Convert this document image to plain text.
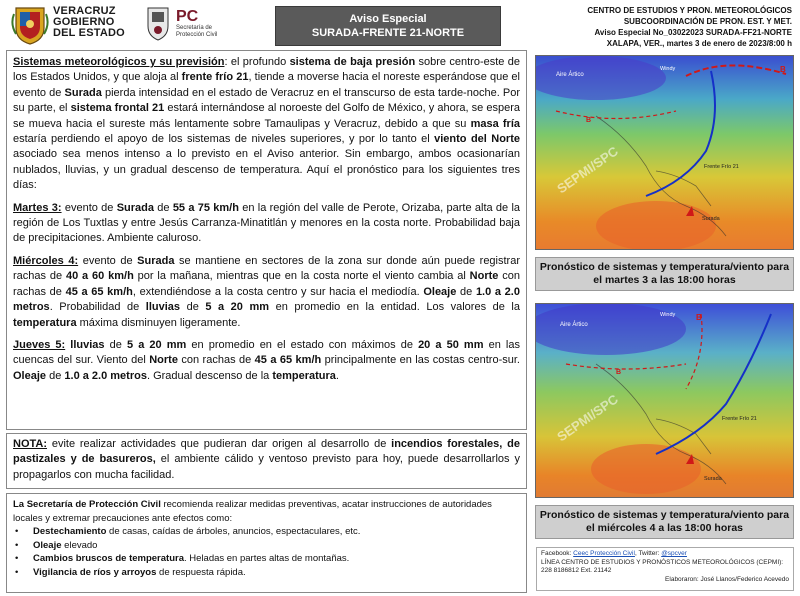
VERACRUZ
GOBIERNO
DEL ESTADO
PC
Secretaría de
Protección Civil
Aviso Especial
SURADA-FRENTE 21-NORTE
CENTRO DE ESTUDIOS Y PRON. METEOROLÓGICOS
SUBCOORDINACIÓN DE PRON. EST. Y MET.
Aviso Especial No_03022023 SURADA-FF21-NORTE
XALAPA, VER., martes 3 de enero de 2023/8:00 h

Sistemas meteorológicos y su previsión: el profundo sistema de baja presión sobre centro-este de los Estados Unidos, y que aloja al frente frío 21, tiende a moverse hacia el noreste esperándose que el evento de Surada pierda intensidad en el estado de Veracruz en el transcurso de esta tarde-noche. Por su parte, el sistema frontal 21 estará internándose al noroeste del Golfo de México, y ahora, se espera se mueva hacia el sureste más lentamente sobre Tamaulipas y Veracruz, debido a que su masa fría estaría perdiendo el apoyo de los sistemas de niveles superiores, y por lo tanto el viento del Norte asociado sea menos intenso a lo previsto en el Aviso anterior. Sin embargo, ambos ocasionarían nublados, lluvias, y un gradual descenso de temperatura. Aquí el pronóstico para los siguientes tres días:

Martes 3: evento de Surada de 55 a 75 km/h en la región del valle de Perote, Orizaba, parte alta de la región de Los Tuxtlas y entre Jesús Carranza-Minatitlán y menores en la costa norte. Probabilidad baja de precipitaciones. Ambiente caluroso.

Miércoles 4: evento de Surada se mantiene en sectores de la zona sur donde aún puede registrar rachas de 40 a 60 km/h por la mañana, mientras que en la costa norte el viento cambia al Norte con rachas de 45 a 65 km/h, extendiéndose a la costa centro y sur hacia el mediodía. Oleaje de 1.0 a 2.0 metros. Probabilidad de lluvias de 5 a 20 mm en promedio en la entidad. Los valores de la temperatura máxima disminuyen ligeramente.

Jueves 5: lluvias de 5 a 20 mm en promedio en el estado con máximos de 20 a 50 mm en las cuencas del sur. Viento del Norte con rachas de 45 a 65 km/h principalmente en las costas centro-sur. Oleaje de 1.0 a 2.0 metros. Gradual descenso de la temperatura.

NOTA: evite realizar actividades que pudieran dar origen al desarrollo de incendios forestales, de pastizales y de basureros, el ambiente cálido y ventoso previsto para hoy, puede desarrollarlos y propagarlos con mucha facilidad.
La Secretaría de Protección Civil recomienda realizar medidas preventivas, acatar instrucciones de autoridades locales y extremar precauciones ante efectos como:
• Destechamiento de casas, caídas de árboles, anuncios, espectaculares, etc.
• Oleaje elevado
• Cambios bruscos de temperatura. Heladas en partes altas de montañas.
• Vigilancia de ríos y arroyos de respuesta rápida.
Aire Ártico
Frente Frío 21
Surada
B
B
Windy
SEPMI/SPC
Pronóstico de sistemas y temperatura/viento para el martes 3 a las 18:00 horas
Aire Ártico
Frente Frío 21
Surada
B
B
Windy
SEPMI/SPC
Pronóstico de sistemas y temperatura/viento para el miércoles 4 a las 18:00 horas
Facebook: Ceec Protección Civil, Twitter: @spcver
LÍNEA CENTRO DE ESTUDIOS Y PRONÓSTICOS METEOROLÓGICOS (CEPMI):
228 8186812 Ext. 21142
Elaboraron: José Llanos/Federico Acevedo
